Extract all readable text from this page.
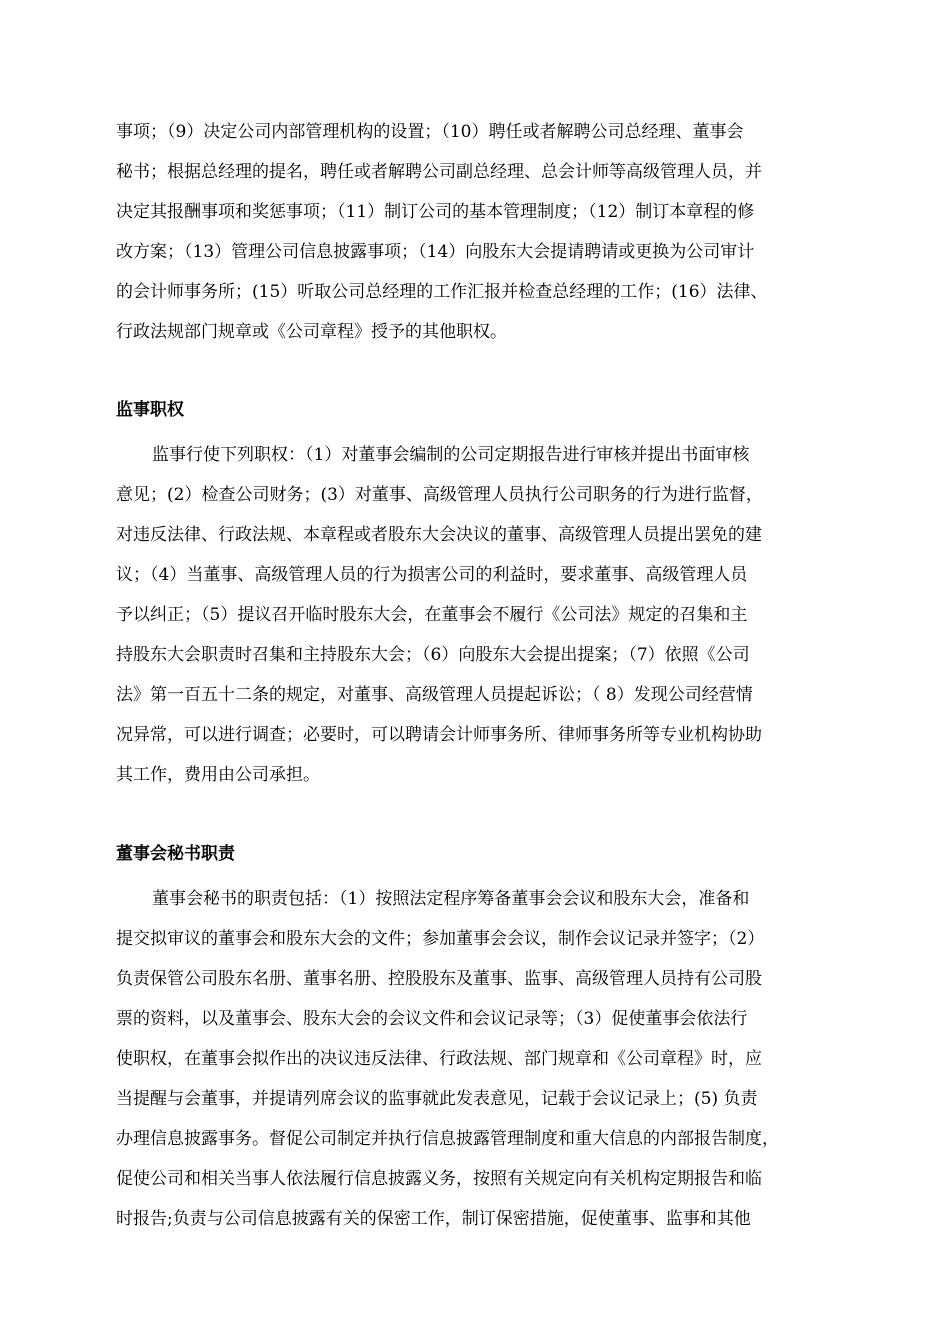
事项；（9）决定公司内部管理机构的设置；（10）聘任或者解聘公司总经理、董事会
秘书；根据总经理的提名，聘任或者解聘公司副总经理、总会计师等高级管理人员，并
决定其报酬事项和奖惩事项；（11）制订公司的基本管理制度；（12）制订本章程的修
改方案；（13）管理公司信息披露事项；（14）向股东大会提请聘请或更换为公司审计
的会计师事务所；(15）听取公司总经理的工作汇报并检查总经理的工作；(16）法律、
行政法规部门规章或《公司章程》授予的其他职权。
监事职权
监事行使下列职权：（1）对董事会编制的公司定期报告进行审核并提出书面审核
意见；(2）检查公司财务；(3）对董事、高级管理人员执行公司职务的行为进行监督，
对违反法律、行政法规、本章程或者股东大会决议的董事、高级管理人员提出罢免的建
议；（4）当董事、高级管理人员的行为损害公司的利益时，要求董事、高级管理人员
予以纠正；（5）提议召开临时股东大会，在董事会不履行《公司法》规定的召集和主
持股东大会职责时召集和主持股东大会；（6）向股东大会提出提案；（7）依照《公司
法》第一百五十二条的规定，对董事、高级管理人员提起诉讼；（ 8）发现公司经营情
况异常，可以进行调查；必要时，可以聘请会计师事务所、律师事务所等专业机构协助
其工作，费用由公司承担。
董事会秘书职责
董事会秘书的职责包括：（1）按照法定程序筹备董事会会议和股东大会，准备和
提交拟审议的董事会和股东大会的文件；参加董事会会议，制作会议记录并签字；（2）
负责保管公司股东名册、董事名册、控股股东及董事、监事、高级管理人员持有公司股
票的资料，以及董事会、股东大会的会议文件和会议记录等；（3）促使董事会依法行
使职权，在董事会拟作出的决议违反法律、行政法规、部门规章和《公司章程》时，应
当提醒与会董事，并提请列席会议的监事就此发表意见，记载于会议记录上；(5) 负责
办理信息披露事务。督促公司制定并执行信息披露管理制度和重大信息的内部报告制度，
促使公司和相关当事人依法履行信息披露义务，按照有关规定向有关机构定期报告和临
时报告;负责与公司信息披露有关的保密工作，制订保密措施，促使董事、监事和其他
